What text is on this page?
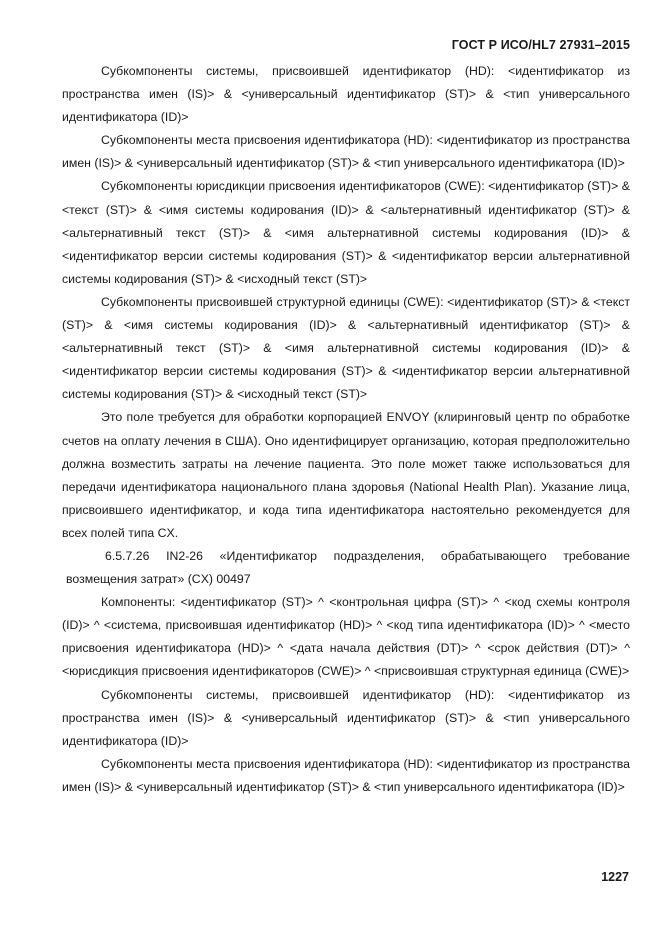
ГОСТ Р ИСО/HL7 27931–2015

Субкомпоненты системы, присвоившей идентификатор (HD): <идентификатор из пространства имен (IS)> & <универсальный идентификатор (ST)> & <тип универсального идентификатора (ID)>

Субкомпоненты места присвоения идентификатора (HD): <идентификатор из пространства имен (IS)> & <универсальный идентификатор (ST)> & <тип универсального идентификатора (ID)>

Субкомпоненты юрисдикции присвоения идентификаторов (CWE): <идентификатор (ST)> & <текст (ST)> & <имя системы кодирования (ID)> & <альтернативный идентификатор (ST)> & <альтернативный текст (ST)> & <имя альтернативной системы кодирования (ID)> & <идентификатор версии системы кодирования (ST)> & <идентификатор версии альтернативной системы кодирования (ST)> & <исходный текст (ST)>

Субкомпоненты присвоившей структурной единицы (CWE): <идентификатор (ST)> & <текст (ST)> & <имя системы кодирования (ID)> & <альтернативный идентификатор (ST)> & <альтернативный текст (ST)> & <имя альтернативной системы кодирования (ID)> & <идентификатор версии системы кодирования (ST)> & <идентификатор версии альтернативной системы кодирования (ST)> & <исходный текст (ST)>

Это поле требуется для обработки корпорацией ENVOY (клиринговый центр по обработке счетов на оплату лечения в США). Оно идентифицирует организацию, которая предположительно должна возместить затраты на лечение пациента. Это поле может также использоваться для передачи идентификатора национального плана здоровья (National Health Plan). Указание лица, присвоившего идентификатор, и кода типа идентификатора настоятельно рекомендуется для всех полей типа CX.

6.5.7.26 IN2-26 «Идентификатор подразделения, обрабатывающего требование возмещения затрат» (CX) 00497

Компоненты: <идентификатор (ST)> ^ <контрольная цифра (ST)> ^ <код схемы контроля (ID)> ^ <система, присвоившая идентификатор (HD)> ^ <код типа идентификатора (ID)> ^ <место присвоения идентификатора (HD)> ^ <дата начала действия (DT)> ^ <срок действия (DT)> ^ <юрисдикция присвоения идентификаторов (CWE)> ^ <присвоившая структурная единица (CWE)>

Субкомпоненты системы, присвоившей идентификатор (HD): <идентификатор из пространства имен (IS)> & <универсальный идентификатор (ST)> & <тип универсального идентификатора (ID)>

Субкомпоненты места присвоения идентификатора (HD): <идентификатор из пространства имен (IS)> & <универсальный идентификатор (ST)> & <тип универсального идентификатора (ID)>

1227
